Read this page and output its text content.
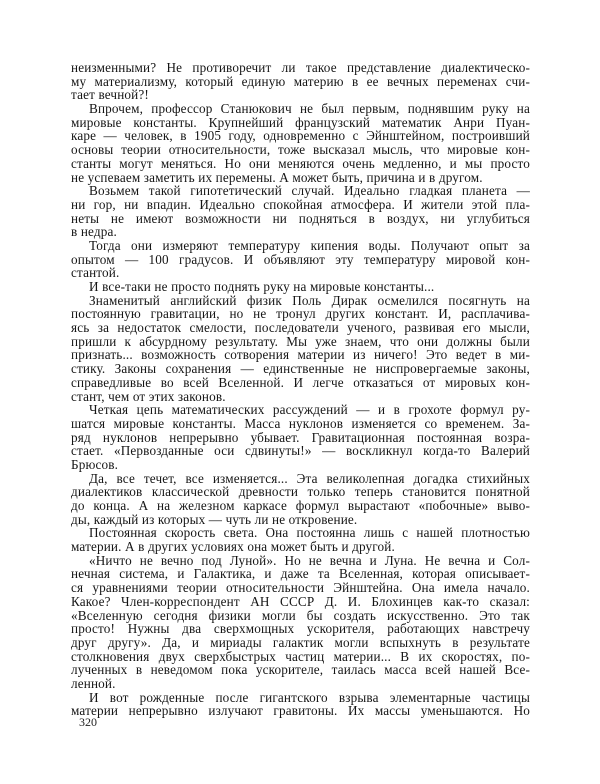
неизменными? Не противоречит ли такое представление диалектическо-
му материализму, который единую материю в ее вечных переменах счи-
тает вечной?!
Впрочем, профессор Станюкович не был первым, поднявшим руку на
мировые константы. Крупнейший французский математик Анри Пуан-
каре — человек, в 1905 году, одновременно с Эйнштейном, построивший
основы теории относительности, тоже высказал мысль, что мировые кон-
станты могут меняться. Но они меняются очень медленно, и мы просто
не успеваем заметить их перемены. А может быть, причина и в другом.
Возьмем такой гипотетический случай. Идеально гладкая планета —
ни гор, ни впадин. Идеально спокойная атмосфера. И жители этой пла-
неты не имеют возможности ни подняться в воздух, ни углубиться
в недра.
Тогда они измеряют температуру кипения воды. Получают опыт за
опытом — 100 градусов. И объявляют эту температуру мировой кон-
стантой.
И все-таки не просто поднять руку на мировые константы...
Знаменитый английский физик Поль Дирак осмелился посягнуть на
постоянную гравитации, но не тронул других констант. И, расплачива-
ясь за недостаток смелости, последователи ученого, развивая его мысли,
пришли к абсурдному результату. Мы уже знаем, что они должны были
признать... возможность сотворения материи из ничего! Это ведет в ми-
стику. Законы сохранения — единственные не ниспровергаемые законы,
справедливые во всей Вселенной. И легче отказаться от мировых кон-
стант, чем от этих законов.
Четкая цепь математических рассуждений — и в грохоте формул ру-
шатся мировые константы. Масса нуклонов изменяется со временем. За-
ряд нуклонов непрерывно убывает. Гравитационная постоянная возра-
стает. «Первозданные оси сдвинуты!» — воскликнул когда-то Валерий
Брюсов.
Да, все течет, все изменяется... Эта великолепная догадка стихийных
диалектиков классической древности только теперь становится понятной
до конца. А на железном каркасе формул вырастают «побочные» выво-
ды, каждый из которых — чуть ли не откровение.
Постоянная скорость света. Она постоянна лишь с нашей плотностью
материи. А в других условиях она может быть и другой.
«Ничто не вечно под Луной». Но не вечна и Луна. Не вечна и Сол-
нечная система, и Галактика, и даже та Вселенная, которая описывает-
ся уравнениями теории относительности Эйнштейна. Она имела начало.
Какое? Член-корреспондент АН СССР Д. И. Блохинцев как-то сказал:
«Вселенную сегодня физики могли бы создать искусственно. Это так
просто! Нужны два сверхмощных ускорителя, работающих навстречу
друг другу». Да, и мириады галактик могли вспыхнуть в результате
столкновения двух сверхбыстрых частиц материи... В их скоростях, по-
лученных в неведомом пока ускорителе, таилась масса всей нашей Все-
ленной.
И вот рожденные после гигантского взрыва элементарные частицы
материи непрерывно излучают гравитоны. Их массы уменьшаются. Но
320
